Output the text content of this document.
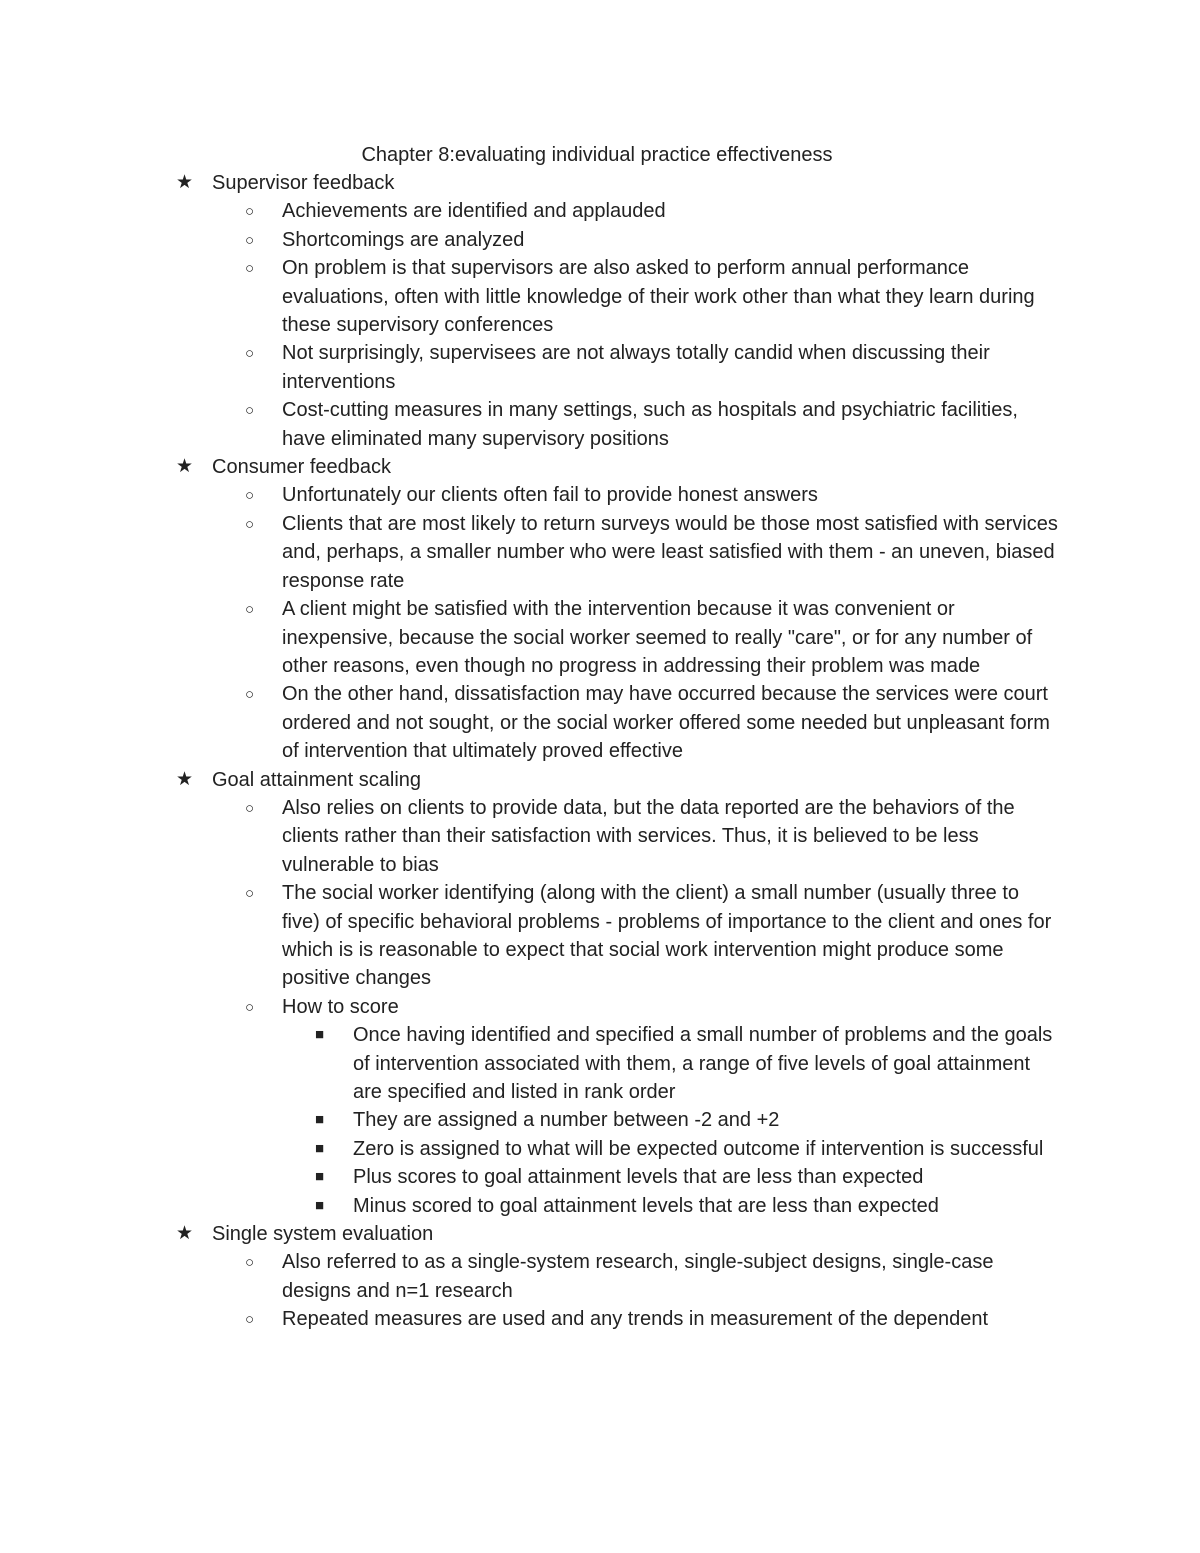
Chapter 8:evaluating individual practice effectiveness
★ Supervisor feedback
○ Achievements are identified and applauded
○ Shortcomings are analyzed
○ On problem is that supervisors are also asked to perform annual performance evaluations, often with little knowledge of their work other than what they learn during these supervisory conferences
○ Not surprisingly, supervisees are not always totally candid when discussing their interventions
○ Cost-cutting measures in many settings, such as hospitals and psychiatric facilities, have eliminated many supervisory positions
★ Consumer feedback
○ Unfortunately our clients often fail to provide honest answers
○ Clients that are most likely to return surveys would be those most satisfied with services and, perhaps, a smaller number who were least satisfied with them - an uneven, biased response rate
○ A client might be satisfied with the intervention because it was convenient or inexpensive, because the social worker seemed to really "care", or for any number of other reasons, even though no progress in addressing their problem was made
○ On the other hand, dissatisfaction may have occurred because the services were court ordered and not sought, or the social worker offered some needed but unpleasant form of intervention that ultimately proved effective
★ Goal attainment scaling
○ Also relies on clients to provide data, but the data reported are the behaviors of the clients rather than their satisfaction with services. Thus, it is believed to be less vulnerable to bias
○ The social worker identifying (along with the client) a small number (usually three to five) of specific behavioral problems - problems of importance to the client and ones for which is is reasonable to expect that social work intervention might produce some positive changes
○ How to score
■ Once having identified and specified a small number of problems and the goals of intervention associated with them, a range of five levels of goal attainment are specified and listed in rank order
■ They are assigned a number between -2 and +2
■ Zero is assigned to what will be expected outcome if intervention is successful
■ Plus scores to goal attainment levels that are less than expected
■ Minus scored to goal attainment levels that are less than expected
★ Single system evaluation
○ Also referred to as a single-system research, single-subject designs, single-case designs and n=1 research
○ Repeated measures are used and any trends in measurement of the dependent
